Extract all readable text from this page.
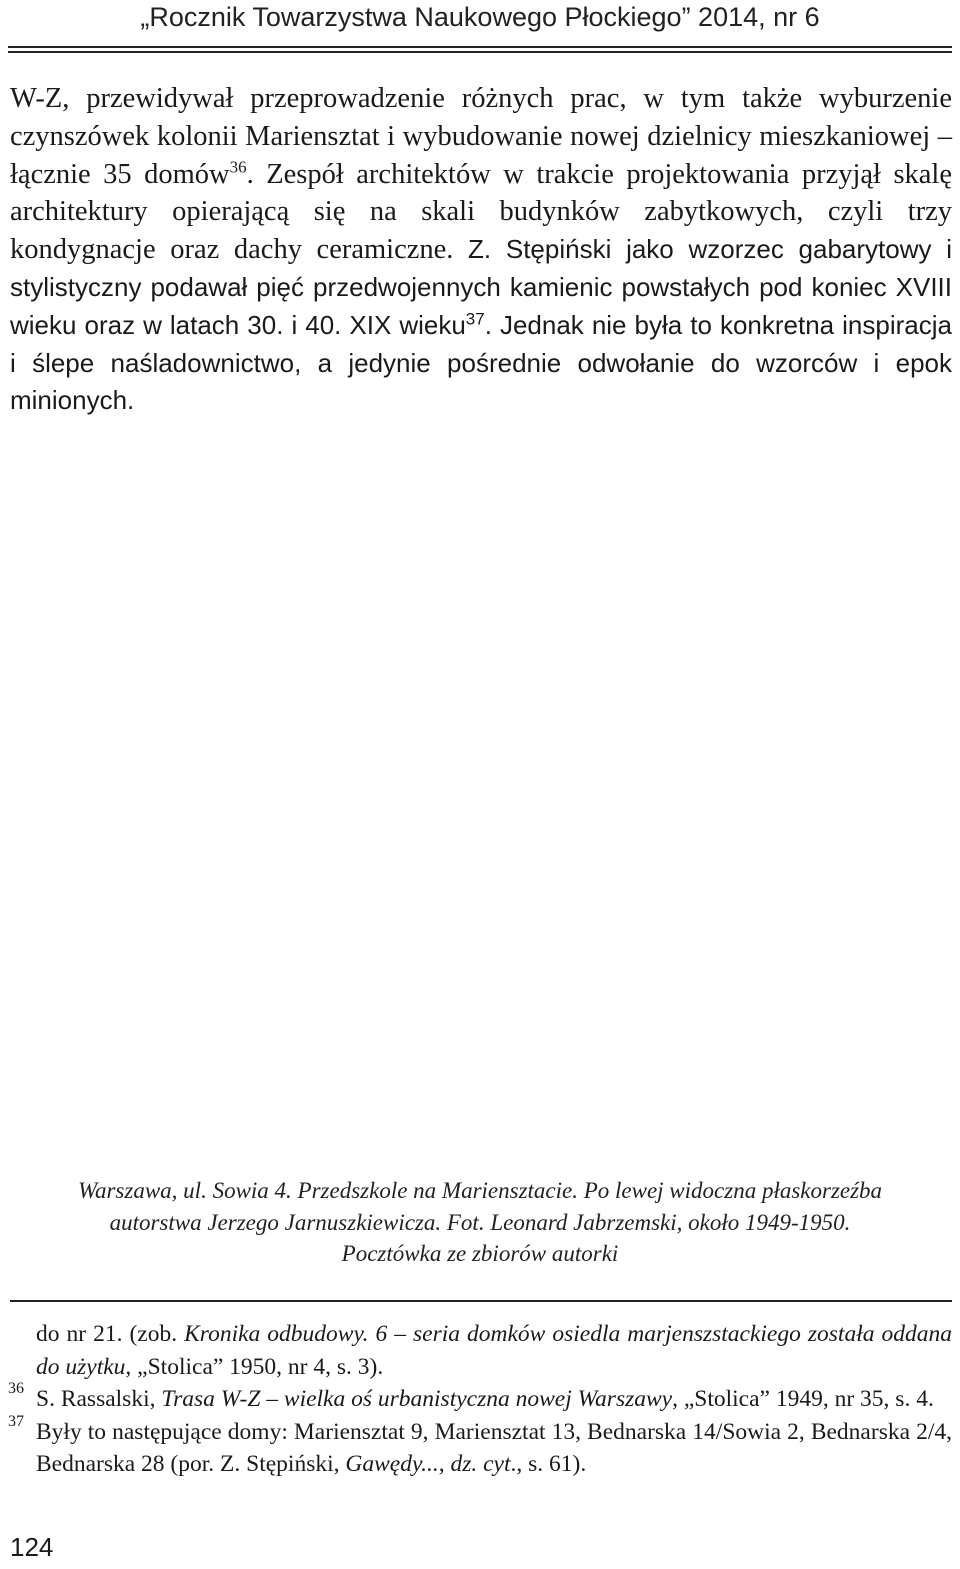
„Rocznik Towarzystwa Naukowego Płockiego” 2014, nr 6
W-Z, przewidywał przeprowadzenie różnych prac, w tym także wyburzenie czynszówek kolonii Mariensztat i wybudowanie nowej dzielnicy mieszkaniowej – łącznie 35 domów$^{36}$. Zespół architektów w trakcie projektowania przyjął skalę architektury opierającą się na skali budynków zabytkowych, czyli trzy kondygnacje oraz dachy ceramiczne. Z. Stępiński jako wzorzec gabarytowy i stylistyczny podawał pięć przedwojennych kamienic powstałych pod koniec XVIII wieku oraz w latach 30. i 40. XIX wieku$^{37}$. Jednak nie była to konkretna inspiracja i ślepe naśladownictwo, a jedynie pośrednie odwołanie do wzorców i epok minionych.
Warszawa, ul. Sowia 4. Przedszkole na Mariensztacie. Po lewej widoczna płaskorzeźba
autorstwa Jerzego Jarnuszkiewicza. Fot. Leonard Jabrzemski, około 1949-1950.
Pocztówka ze zbiorów autorki
do nr 21. (zob. Kronika odbudowy. 6 – seria domków osiedla marjenszstackiego została oddana do użytku, „Stolica” 1950, nr 4, s. 3).
36 S. Rassalski, Trasa W-Z – wielka oś urbanistyczna nowej Warszawy, „Stolica” 1949, nr 35, s. 4.
37 Były to następujące domy: Mariensztat 9, Mariensztat 13, Bednarska 14/Sowia 2, Bednarska 2/4, Bednarska 28 (por. Z. Stępiński, Gawędy..., dz. cyt., s. 61).
124
